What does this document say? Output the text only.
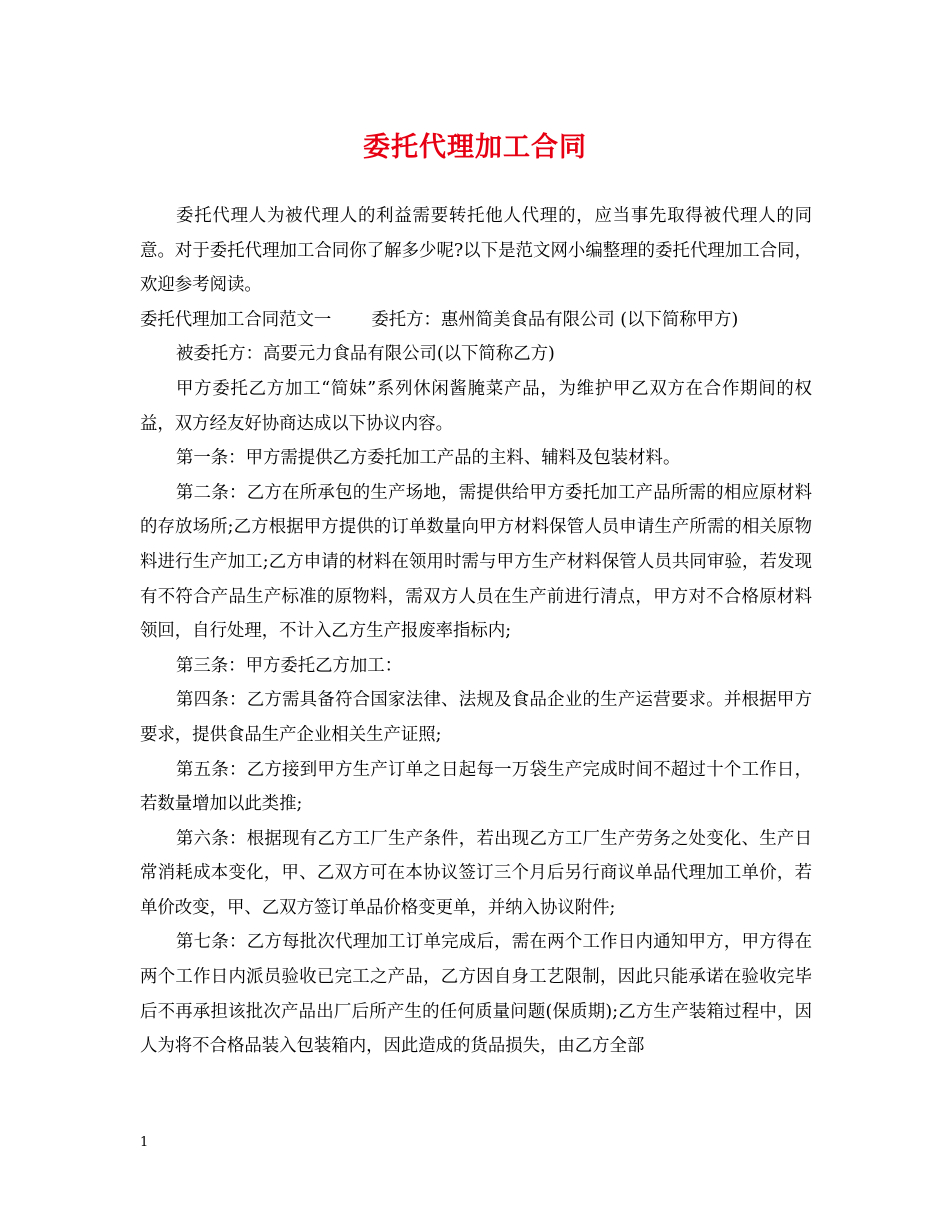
委托代理加工合同

委托代理人为被代理人的利益需要转托他人代理的，应当事先取得被代理人的同意。对于委托代理加工合同你了解多少呢?以下是范文网小编整理的委托代理加工合同，欢迎参考阅读。

委托代理加工合同范文一 委托方：惠州简美食品有限公司 (以下简称甲方)

被委托方：高要元力食品有限公司(以下简称乙方)

甲方委托乙方加工“简妹”系列休闲酱腌菜产品，为维护甲乙双方在合作期间的权益，双方经友好协商达成以下协议内容。

第一条：甲方需提供乙方委托加工产品的主料、辅料及包装材料。

第二条：乙方在所承包的生产场地，需提供给甲方委托加工产品所需的相应原材料的存放场所;乙方根据甲方提供的订单数量向甲方材料保管人员申请生产所需的相关原物料进行生产加工;乙方申请的材料在领用时需与甲方生产材料保管人员共同审验，若发现有不符合产品生产标准的原物料，需双方人员在生产前进行清点，甲方对不合格原材料领回，自行处理，不计入乙方生产报废率指标内;

第三条：甲方委托乙方加工：

第四条：乙方需具备符合国家法律、法规及食品企业的生产运营要求。并根据甲方要求，提供食品生产企业相关生产证照;

第五条：乙方接到甲方生产订单之日起每一万袋生产完成时间不超过十个工作日，若数量增加以此类推;

第六条：根据现有乙方工厂生产条件，若出现乙方工厂生产劳务之处变化、生产日常消耗成本变化，甲、乙双方可在本协议签订三个月后另行商议单品代理加工单价，若单价改变，甲、乙双方签订单品价格变更单，并纳入协议附件;

第七条：乙方每批次代理加工订单完成后，需在两个工作日内通知甲方，甲方得在两个工作日内派员验收已完工之产品，乙方因自身工艺限制，因此只能承诺在验收完毕后不再承担该批次产品出厂后所产生的任何质量问题(保质期);乙方生产装箱过程中，因人为将不合格品装入包装箱内，因此造成的货品损失，由乙方全部

1
